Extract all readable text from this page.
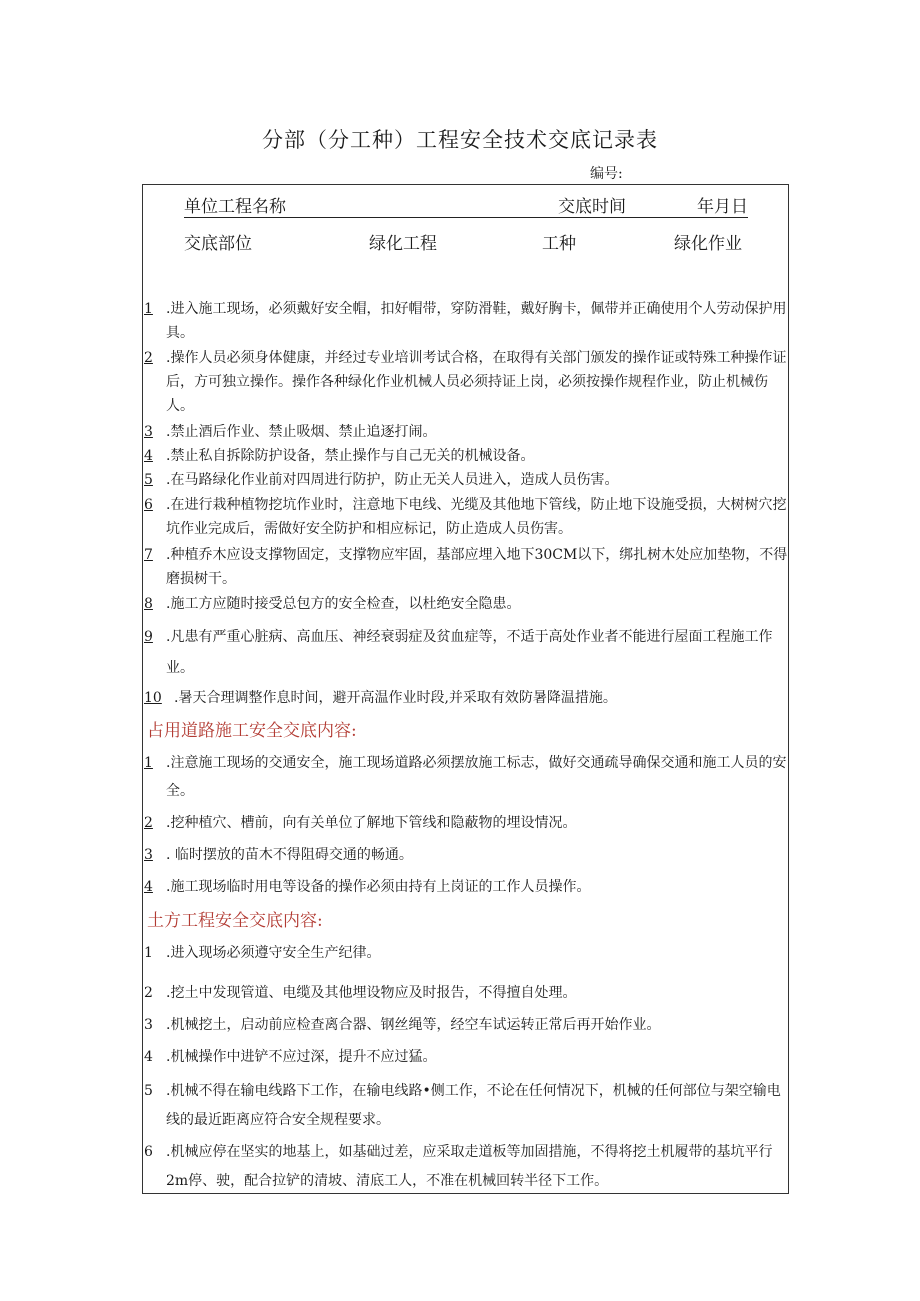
分部（分工种）工程安全技术交底记录表
编号:
单位工程名称	交底时间	年月日
交底部位	绿化工程	工种	绿化作业
1 .进入施工现场，必须戴好安全帽，扣好帽带，穿防滑鞋，戴好胸卡，佩带并正确使用个人劳动保护用具。
2 .操作人员必须身体健康，并经过专业培训考试合格，在取得有关部门颁发的操作证或特殊工种操作证后，方可独立操作。操作各种绿化作业机械人员必须持证上岗，必须按操作规程作业，防止机械伤人。
3 .禁止酒后作业、禁止吸烟、禁止追逐打闹。
4 .禁止私自拆除防护设备，禁止操作与自己无关的机械设备。
5 .在马路绿化作业前对四周进行防护，防止无关人员进入，造成人员伤害。
6 .在进行栽种植物挖坑作业时，注意地下电线、光缆及其他地下管线，防止地下设施受损，大树树穴挖坑作业完成后，需做好安全防护和相应标记，防止造成人员伤害。
7 .种植乔木应设支撑物固定，支撑物应牢固，基部应埋入地下30CM以下，绑扎树木处应加垫物，不得磨损树干。
8 .施工方应随时接受总包方的安全检查，以杜绝安全隐患。
9 .凡患有严重心脏病、高血压、神经衰弱症及贫血症等，不适于高处作业者不能进行屋面工程施工作业。
10 .暑天合理调整作息时间，避开高温作业时段,并采取有效防暑降温措施。
占用道路施工安全交底内容:
1 .注意施工现场的交通安全，施工现场道路必须摆放施工标志，做好交通疏导确保交通和施工人员的安全。
2 .挖种植穴、槽前，向有关单位了解地下管线和隐蔽物的埋设情况。
3 . 临时摆放的苗木不得阻碍交通的畅通。
4 .施工现场临时用电等设备的操作必须由持有上岗证的工作人员操作。
土方工程安全交底内容:
1 .进入现场必须遵守安全生产纪律。
2 .挖土中发现管道、电缆及其他埋设物应及时报告，不得擅自处理。
3 .机械挖土，启动前应检查离合器、钢丝绳等，经空车试运转正常后再开始作业。
4 .机械操作中进铲不应过深，提升不应过猛。
5 .机械不得在输电线路下工作，在输电线路•侧工作，不论在任何情况下，机械的任何部位与架空输电线的最近距离应符合安全规程要求。
6 .机械应停在坚实的地基上，如基础过差，应采取走道板等加固措施，不得将挖土机履带的基坑平行2m停、驶，配合拉铲的清坡、清底工人，不准在机械回转半径下工作。
